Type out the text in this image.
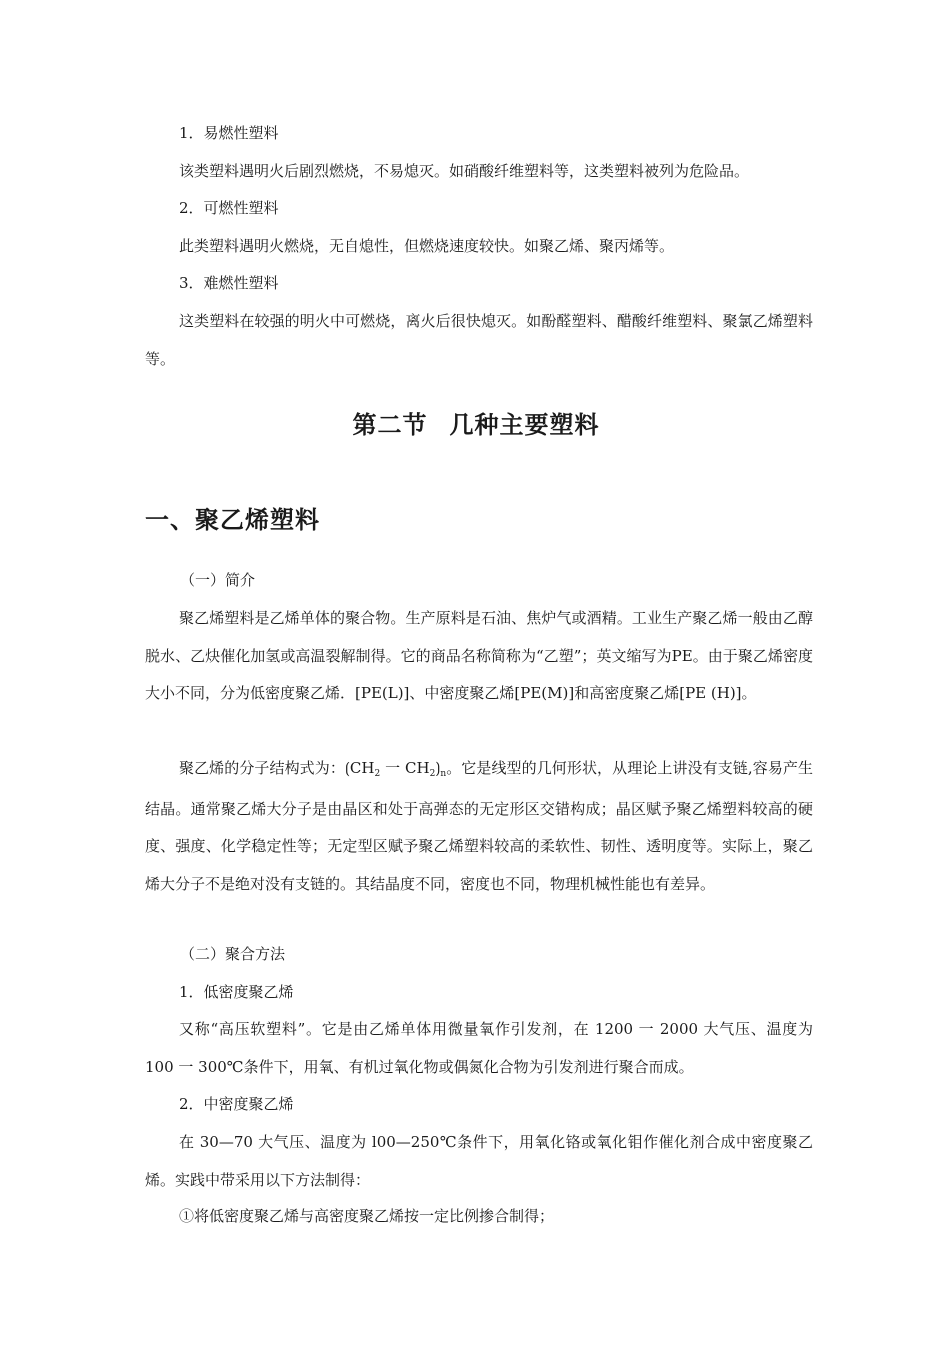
1．易燃性塑料

该类塑料遇明火后剧烈燃烧，不易熄灭。如硝酸纤维塑料等，这类塑料被列为危险品。

2．可燃性塑料

此类塑料遇明火燃烧，无自熄性，但燃烧速度较快。如聚乙烯、聚丙烯等。

3．难燃性塑料

这类塑料在较强的明火中可燃烧，离火后很快熄灭。如酚醛塑料、醋酸纤维塑料、聚氯乙烯塑料等。

第二节 几种主要塑料
一、聚乙烯塑料

（一）简介

聚乙烯塑料是乙烯单体的聚合物。生产原料是石油、焦炉气或酒精。工业生产聚乙烯一般由乙醇脱水、乙炔催化加氢或高温裂解制得。它的商品名称简称为“乙塑”；英文缩写为PE。由于聚乙烯密度大小不同，分为低密度聚乙烯．[PE(L)]、中密度聚乙烯[PE(M)]和高密度聚乙烯[PE (H)]。

聚乙烯的分子结构式为：$⟮CH_2$ 一 $CH_2⟯_n$。它是线型的几何形状，从理论上讲没有支链,容易产生结晶。通常聚乙烯大分子是由晶区和处于高弹态的无定形区交错构成；晶区赋予聚乙烯塑料较高的硬度、强度、化学稳定性等；无定型区赋予聚乙烯塑料较高的柔软性、韧性、透明度等。实际上，聚乙烯大分子不是绝对没有支链的。其结晶度不同，密度也不同，物理机械性能也有差异。

（二）聚合方法

1．低密度聚乙烯

又称“高压软塑料”。它是由乙烯单体用微量氧作引发剂，在 1200 一 2000 大气压、温度为 100 一 300℃条件下，用氧、有机过氧化物或偶氮化合物为引发剂进行聚合而成。

2．中密度聚乙烯

在 30—70 大气压、温度为 l00—250℃条件下，用氧化铬或氧化钼作催化剂合成中密度聚乙烯。实践中带采用以下方法制得：

①将低密度聚乙烯与高密度聚乙烯按一定比例掺合制得；
